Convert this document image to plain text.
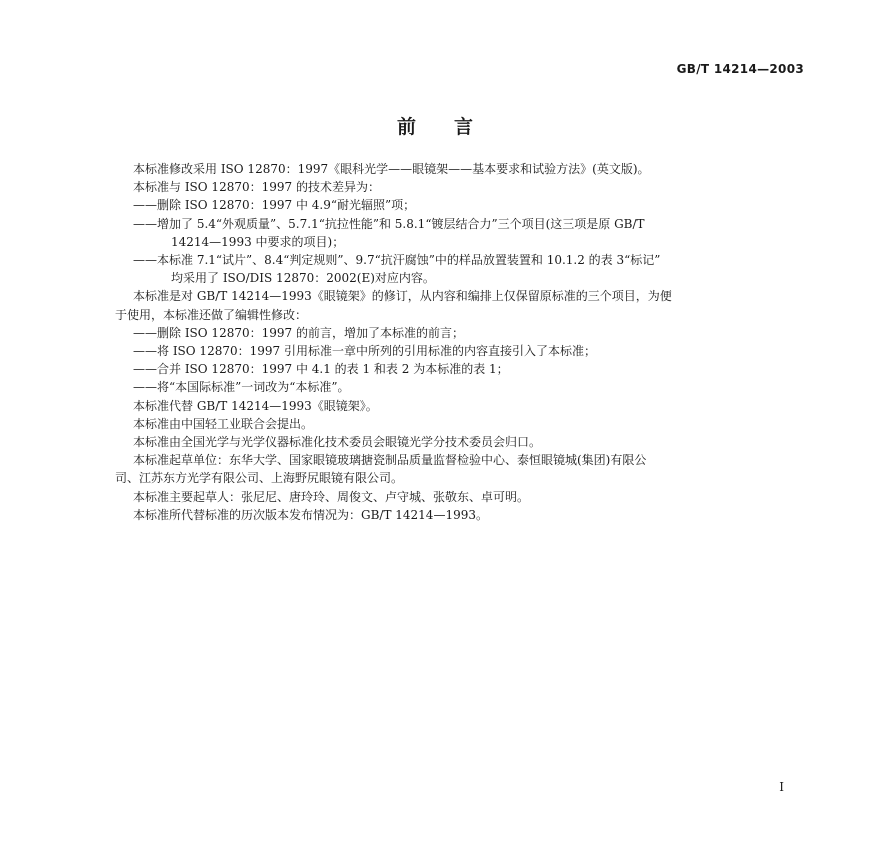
GB/T 14214—2003
前言
本标准修改采用 ISO 12870：1997《眼科光学——眼镜架——基本要求和试验方法》(英文版)。
本标准与 ISO 12870：1997 的技术差异为：
——删除 ISO 12870：1997 中 4.9“耐光辐照”项；
——增加了 5.4“外观质量”、5.7.1“抗拉性能”和 5.8.1“镀层结合力”三个项目(这三项是原 GB/T
14214—1993 中要求的项目)；
——本标准 7.1“试片”、8.4“判定规则”、9.7“抗汗腐蚀”中的样品放置装置和 10.1.2 的表 3“标记”
均采用了 ISO/DIS 12870：2002(E)对应内容。
本标准是对 GB/T 14214—1993《眼镜架》的修订，从内容和编排上仅保留原标准的三个项目，为便
于使用，本标准还做了编辑性修改：
——删除 ISO 12870：1997 的前言，增加了本标准的前言；
——将 ISO 12870：1997 引用标准一章中所列的引用标准的内容直接引入了本标准；
——合并 ISO 12870：1997 中 4.1 的表 1 和表 2 为本标准的表 1；
——将“本国际标准”一词改为“本标准”。
本标准代替 GB/T 14214—1993《眼镜架》。
本标准由中国轻工业联合会提出。
本标准由全国光学与光学仪器标准化技术委员会眼镜光学分技术委员会归口。
本标准起草单位：东华大学、国家眼镜玻璃搪瓷制品质量监督检验中心、泰恒眼镜城(集团)有限公
司、江苏东方光学有限公司、上海野尻眼镜有限公司。
本标准主要起草人：张尼尼、唐玲玲、周俊文、卢守城、张敬东、卓可明。
本标准所代替标准的历次版本发布情况为：GB/T 14214—1993。
I
